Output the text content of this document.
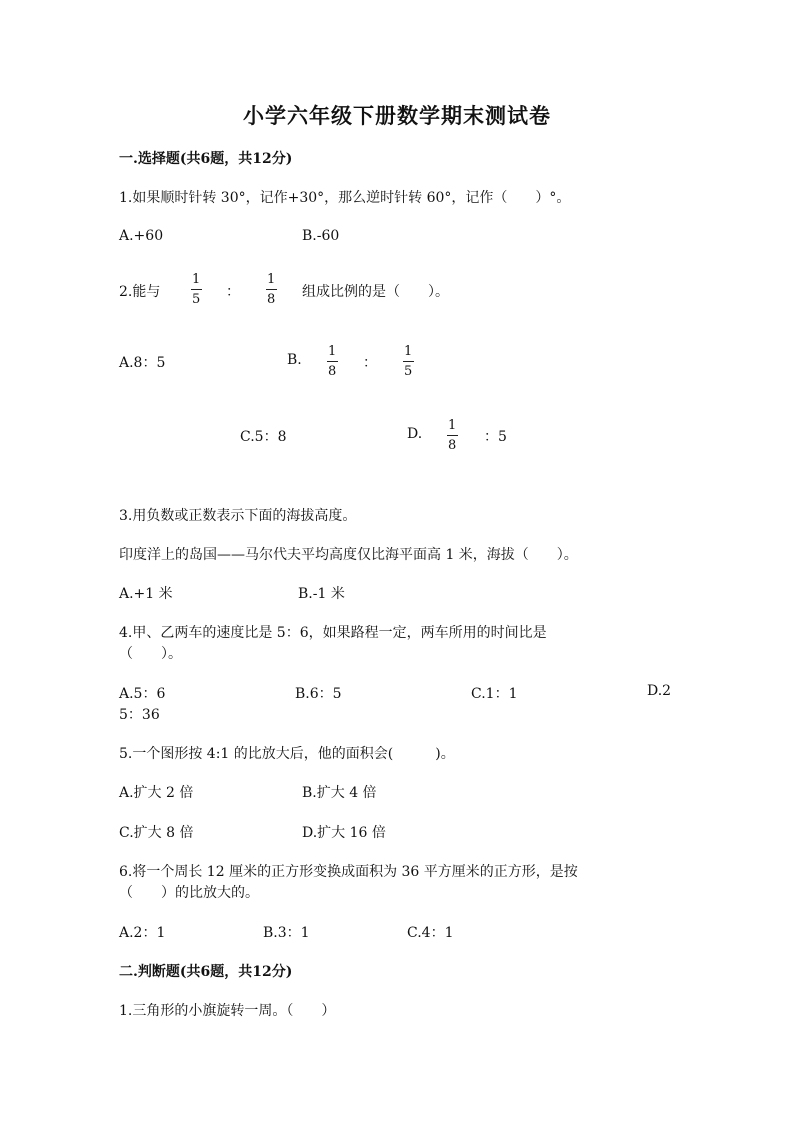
小学六年级下册数学期末测试卷
一.选择题(共6题，共12分)
1.如果顺时针转 30°，记作+30°，那么逆时针转 60°，记作（　　）°。
A.+60	B.-60
2.能与
1
5 ：
1
8 组成比例的是（　　）。
A.8：5	B.
1
8
：
1
5
C.5：8	D.
1
8
：5
3.用负数或正数表示下面的海拔高度。
印度洋上的岛国——马尔代夫平均高度仅比海平面高 1 米，海拔（　　）。
A.+1 米	B.-1 米
4.甲、乙两车的速度比是 5：6，如果路程一定，两车所用的时间比是
（　　）。
A.5：6	B.6：5	C.1：1	D.2
5：36
5.一个图形按 4:1 的比放大后，他的面积会(　　　)。
A.扩大 2 倍	B.扩大 4 倍
C.扩大 8 倍	D.扩大 16 倍
6.将一个周长 12 厘米的正方形变换成面积为 36 平方厘米的正方形，是按
（　　）的比放大的。
A.2：1	B.3：1	C.4：1
二.判断题(共6题，共12分)
1.三角形的小旗旋转一周。（　　）
